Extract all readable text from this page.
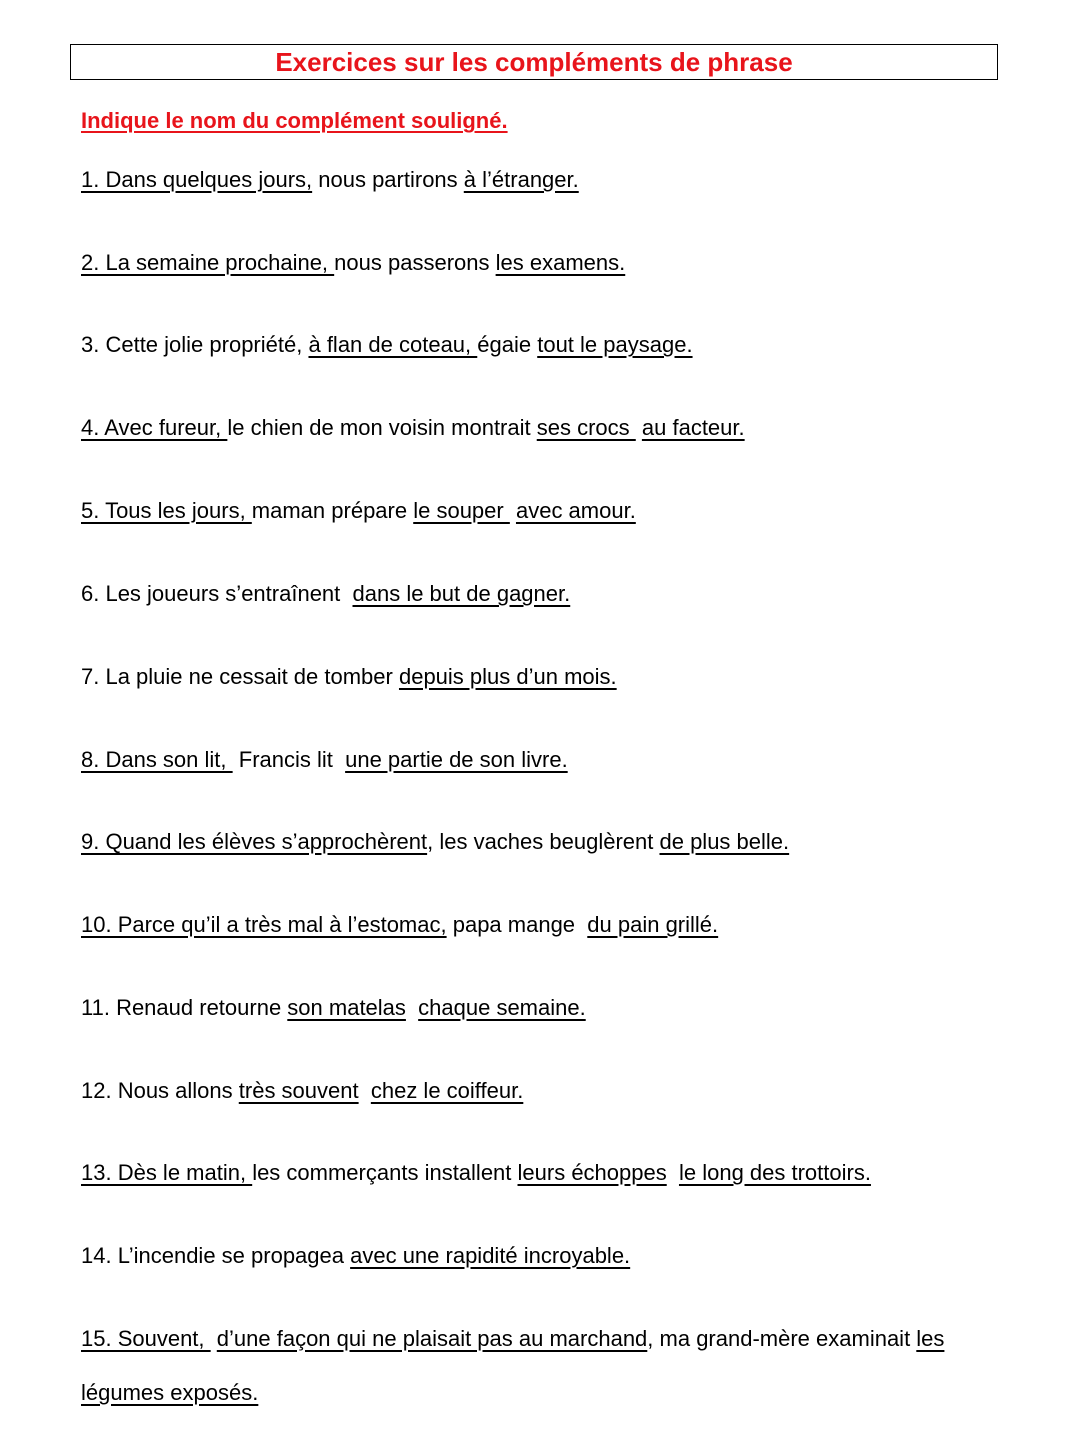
Exercices sur les compléments de phrase
Indique le nom du complément souligné.
1. Dans quelques jours, nous partirons à l’étranger.
2. La semaine prochaine, nous passerons les examens.
3. Cette jolie propriété, à flan de coteau, égaie tout le paysage.
4. Avec fureur, le chien de mon voisin montrait ses crocs  au facteur.
5. Tous les jours, maman prépare le souper  avec amour.
6. Les joueurs s’entraînent  dans le but de gagner.
7. La pluie ne cessait de tomber depuis plus d’un mois.
8. Dans son lit,  Francis lit  une partie de son livre.
9. Quand les élèves s’approchèrent, les vaches beuglèrent de plus belle.
10. Parce qu’il a très mal à l’estomac, papa mange  du pain grillé.
11. Renaud retourne son matelas chaque semaine.
12. Nous allons très souvent chez le coiffeur.
13. Dès le matin, les commerçants installent leurs échoppes le long des trottoirs.
14. L’incendie se propagea avec une rapidité incroyable.
15. Souvent,  d’une façon qui ne plaisait pas au marchand, ma grand-mère examinait les
légumes exposés.
